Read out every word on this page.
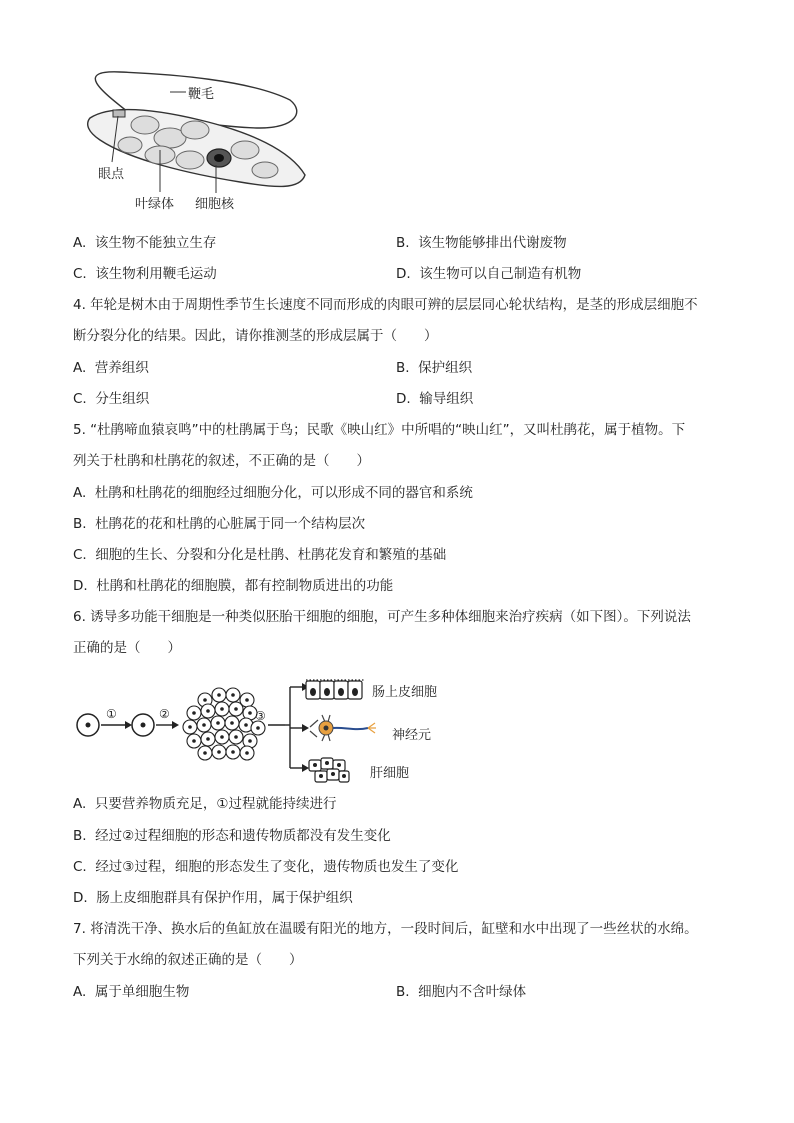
鞭毛
眼点
叶绿体 细胞核
A. 该生物不能独立生存	B. 该生物能够排出代谢废物
C. 该生物利用鞭毛运动	D. 该生物可以自己制造有机物
4. 年轮是树木由于周期性季节生长速度不同而形成的肉眼可辨的层层同心轮状结构，是茎的形成层细胞不
断分裂分化的结果。因此，请你推测茎的形成层属于（　　）
A. 营养组织	B. 保护组织
C. 分生组织	D. 输导组织
5. “杜鹃啼血猿哀鸣”中的杜鹃属于鸟；民歌《映山红》中所唱的“映山红”，又叫杜鹃花，属于植物。下
列关于杜鹃和杜鹃花的叙述，不正确的是（　　）
A. 杜鹃和杜鹃花的细胞经过细胞分化，可以形成不同的器官和系统
B. 杜鹃花的花和杜鹃的心脏属于同一个结构层次
C. 细胞的生长、分裂和分化是杜鹃、杜鹃花发育和繁殖的基础
D. 杜鹃和杜鹃花的细胞膜，都有控制物质进出的功能
6. 诱导多功能干细胞是一种类似胚胎干细胞的细胞，可产生多种体细胞来治疗疾病（如下图）。下列说法
正确的是（　　）
①	②	③
肠上皮细胞
神经元
肝细胞
A. 只要营养物质充足，①过程就能持续进行
B. 经过②过程细胞的形态和遗传物质都没有发生变化
C. 经过③过程，细胞的形态发生了变化，遗传物质也发生了变化
D. 肠上皮细胞群具有保护作用，属于保护组织
7. 将清洗干净、换水后的鱼缸放在温暖有阳光的地方，一段时间后，缸壁和水中出现了一些丝状的水绵。
下列关于水绵的叙述正确的是（　　）
A. 属于单细胞生物	B. 细胞内不含叶绿体
